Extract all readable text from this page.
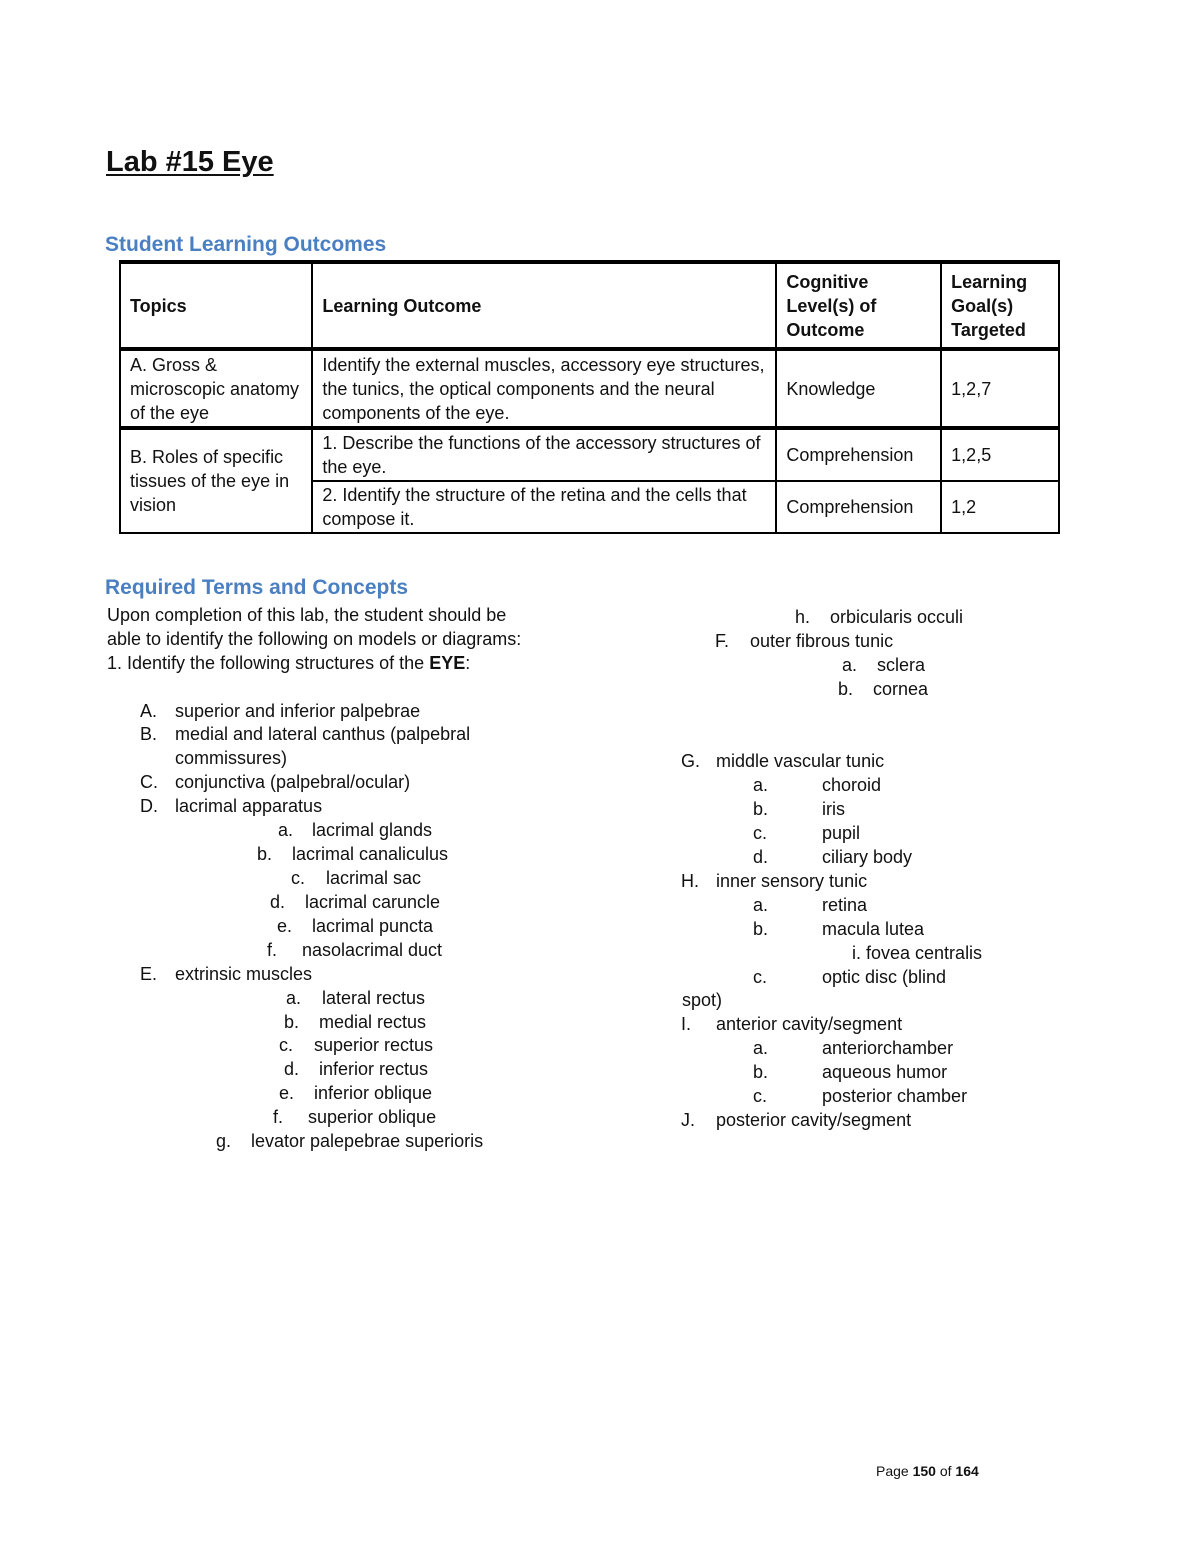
Lab #15 Eye
Student Learning Outcomes
Topics	Learning Outcome	Cognitive Level(s) of Outcome	Learning Goal(s) Targeted
A. Gross & microscopic anatomy of the eye	Identify the external muscles, accessory eye structures, the tunics, the optical components and the neural components of the eye.	Knowledge	1,2,7
B. Roles of specific tissues of the eye in vision	1. Describe the functions of the accessory structures of the eye.	Comprehension	1,2,5
	2. Identify the structure of the retina and the cells that compose it.	Comprehension	1,2
Required Terms and Concepts
Upon completion of this lab, the student should be able to identify the following on models or diagrams: 1. Identify the following structures of the EYE:
A. superior and inferior palpebrae
B. medial and lateral canthus (palpebral
commissures)
C. conjunctiva (palpebral/ocular)
D. lacrimal apparatus
a. lacrimal glands
b. lacrimal canaliculus
c. lacrimal sac
d. lacrimal caruncle
e. lacrimal puncta
f. nasolacrimal duct
E. extrinsic muscles
a. lateral rectus
b. medial rectus
c. superior rectus
d. inferior rectus
e. inferior oblique
f. superior oblique
g. levator palepebrae superioris
h. orbicularis occuli
F. outer fibrous tunic
a. sclera
b. cornea
G. middle vascular tunic
a.	choroid
b.	iris
c.	pupil
d.	ciliary body
H. inner sensory tunic
a.	retina
b.	macula lutea
i. fovea centralis
c.	optic disc (blind
spot)
I. anterior cavity/segment
a.	anteriorchamber
b.	aqueous humor
c.	posterior chamber
J. posterior cavity/segment
Page 150 of 164
